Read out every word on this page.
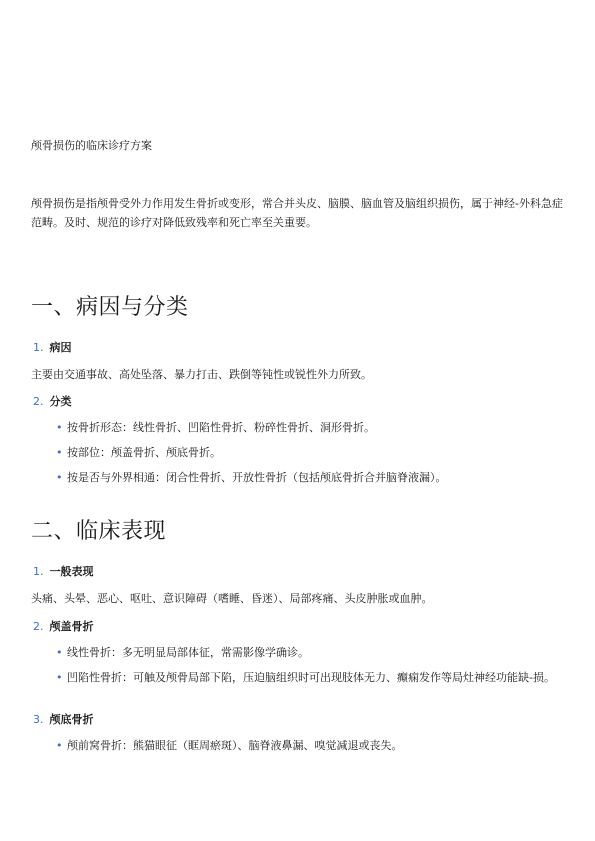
颅骨损伤的临床诊疗方案
颅骨损伤是指颅骨受外力作用发生骨折或变形，常合并头皮、脑膜、脑血管及脑组织损伤，属于神经-外科急症范畴。及时、规范的诊疗对降低致残率和死亡率至关重要。
一、病因与分类
1. 病因
主要由交通事故、高处坠落、暴力打击、跌倒等钝性或锐性外力所致。
2. 分类
• 按骨折形态：线性骨折、凹陷性骨折、粉碎性骨折、洞形骨折。
• 按部位：颅盖骨折、颅底骨折。
• 按是否与外界相通：闭合性骨折、开放性骨折（包括颅底骨折合并脑脊液漏）。
二、临床表现
1. 一般表现
头痛、头晕、恶心、呕吐、意识障碍（嗜睡、昏迷）、局部疼痛、头皮肿胀或血肿。
2. 颅盖骨折
• 线性骨折：多无明显局部体征，常需影像学确诊。
• 凹陷性骨折：可触及颅骨局部下陷，压迫脑组织时可出现肢体无力、癫痫发作等局灶神经功能缺-损。
3. 颅底骨折
• 颅前窝骨折：熊猫眼征（眶周瘀斑）、脑脊液鼻漏、嗅觉减退或丧失。
